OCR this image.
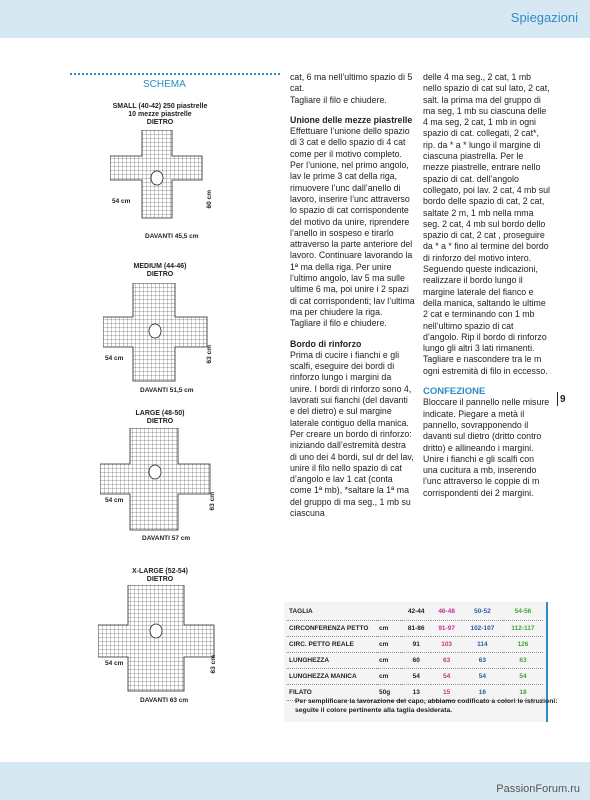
Spiegazioni
SCHEMA
SMALL (40-42) 250 piastrelle
10 mezze piastrelle
DIETRO
54 cm	60 cm
DAVANTI 45,5 cm
MEDIUM (44-46)
DIETRO
54 cm	63 cm
DAVANTI 51,5 cm
LARGE (48-50)
DIETRO
54 cm	63 cm
DAVANTI 57 cm
X-LARGE (52-54)
DIETRO
54 cm	63 cm
DAVANTI 63 cm

cat, 6 ma nell’ultimo spazio di 5 cat.
Tagliare il filo e chiudere.

Unione delle mezze piastrelle

Effettuare l’unione dello spazio di 3 cat e dello spazio di 4 cat come per il motivo completo. Per l’unione, nel primo angolo, lav le prime 3 cat della riga, rimuovere l’unc dall’anello di lavoro, inserire l’unc attraverso lo spazio di cat corrispondente del motivo da unire, riprendere l’anello in sospeso e tirarlo attraverso la parte anteriore del lavoro. Continuare lavorando la 1ª ma della riga. Per unire l’ultimo angolo, lav 5 ma sulle ultime 6 ma, poi unire i 2 spazi di cat corrispondenti; lav l’ultima ma per chiudere la riga. Tagliare il filo e chiudere.

Bordo di rinforzo

Prima di cucire i fianchi e gli scalfi, eseguire dei bordi di rinforzo lungo i margini da unire. I bordi di rinforzo sono 4, lavorati sui fianchi (del davanti e del dietro) e sul margine laterale contiguo della manica. Per creare un bordo di rinforzo: iniziando dall’estremità destra di uno dei 4 bordi, sul dr del lav, unire il filo nello spazio di cat d’angolo e lav 1 cat (conta come 1ª mb), *saltare la 1ª ma del gruppo di ma seg., 1 mb su ciascuna

delle 4 ma seg., 2 cat, 1 mb nello spazio di cat sul lato, 2 cat, salt. la prima ma del gruppo di ma seg, 1 mb su ciascuna delle 4 ma seg, 2 cat, 1 mb in ogni spazio di cat. collegati, 2 cat*, rip. da * a * lungo il margine di ciascuna piastrella. Per le mezze piastrelle, entrare nello spazio di cat. dell’angolo collegato, poi lav. 2 cat, 4 mb sul bordo delle spazio di cat, 2 cat, saltate 2 m, 1 mb nella mma seg. 2 cat, 4 mb sul bordo dello spazio di cat, 2 cat , proseguire da * a * fino al termine del bordo di rinforzo del motivo intero. Seguendo queste indicazioni, realizzare il bordo lungo il margine laterale del fianco e della manica, saltando le ultime 2 cat e terminando con 1 mb nell’ultimo spazio di cat d’angolo. Rip il bordo di rinforzo lungo gli altri 3 lati rimanenti. Tagliare e nascondere tra le m ogni estremità di filo in eccesso.

CONFEZIONE

Bloccare il pannello nelle misure indicate. Piegare a metà il pannello, sovrapponendo il davanti sul dietro (dritto contro dritto) e allineando i margini. Unire i fianchi e gli scalfi con una cucitura a mb, inserendo l’unc attraverso le coppie di m corrispondenti dei 2 margini.

9
TAGLIA		42-44	46-48	50-52	54-56
CIRCONFERENZA PETTO	cm	81-86	91-97	102-107	112-117
CIRC. PETTO REALE	cm	91	103	114	126
LUNGHEZZA	cm	60	63	63	63
LUNGHEZZA MANICA	cm	54	54	54	54
FILATO	50g	13	15	16	18
Per semplificare la lavorazione del capo, abbiamo codificato a colori le istruzioni: seguite il colore pertinente alla taglia desiderata.
PassionForum.ru
